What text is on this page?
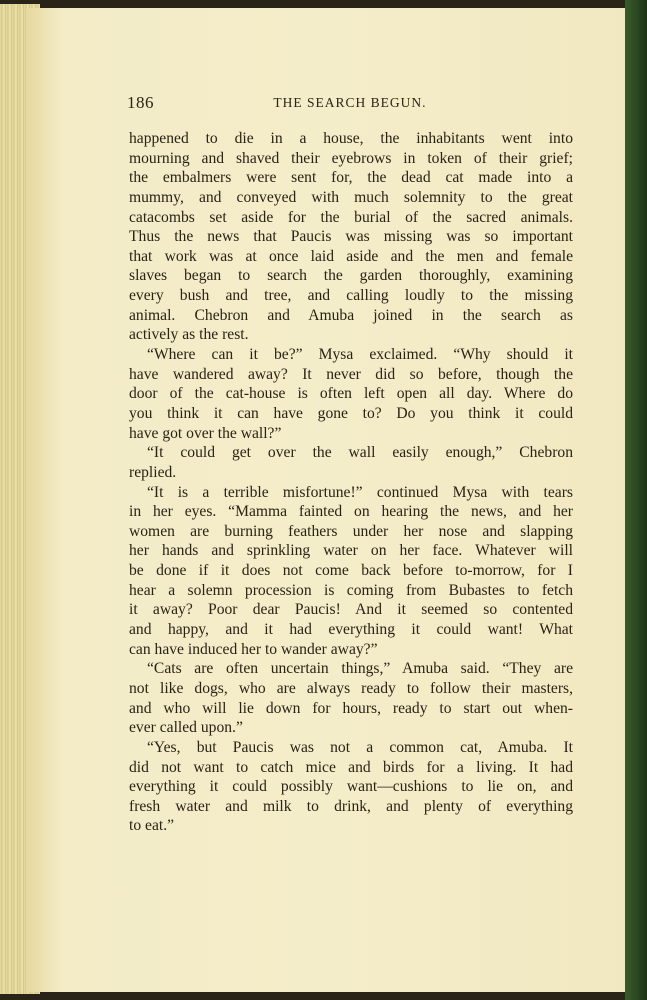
186	THE SEARCH BEGUN.
happened to die in a house, the inhabitants went into
mourning and shaved their eyebrows in token of their grief;
the embalmers were sent for, the dead cat made into a
mummy, and conveyed with much solemnity to the great
catacombs set aside for the burial of the sacred animals.
Thus the news that Paucis was missing was so important
that work was at once laid aside and the men and female
slaves began to search the garden thoroughly, examining
every bush and tree, and calling loudly to the missing
animal. Chebron and Amuba joined in the search as
actively as the rest.
“Where can it be?” Mysa exclaimed. “Why should it
have wandered away? It never did so before, though the
door of the cat-house is often left open all day. Where do
you think it can have gone to? Do you think it could
have got over the wall?”
“It could get over the wall easily enough,” Chebron
replied.
“It is a terrible misfortune!” continued Mysa with tears
in her eyes. “Mamma fainted on hearing the news, and her
women are burning feathers under her nose and slapping
her hands and sprinkling water on her face. Whatever will
be done if it does not come back before to-morrow, for I
hear a solemn procession is coming from Bubastes to fetch
it away? Poor dear Paucis! And it seemed so contented
and happy, and it had everything it could want! What
can have induced her to wander away?”
“Cats are often uncertain things,” Amuba said. “They are
not like dogs, who are always ready to follow their masters,
and who will lie down for hours, ready to start out when-
ever called upon.”
“Yes, but Paucis was not a common cat, Amuba. It
did not want to catch mice and birds for a living. It had
everything it could possibly want—cushions to lie on, and
fresh water and milk to drink, and plenty of everything
to eat.”
